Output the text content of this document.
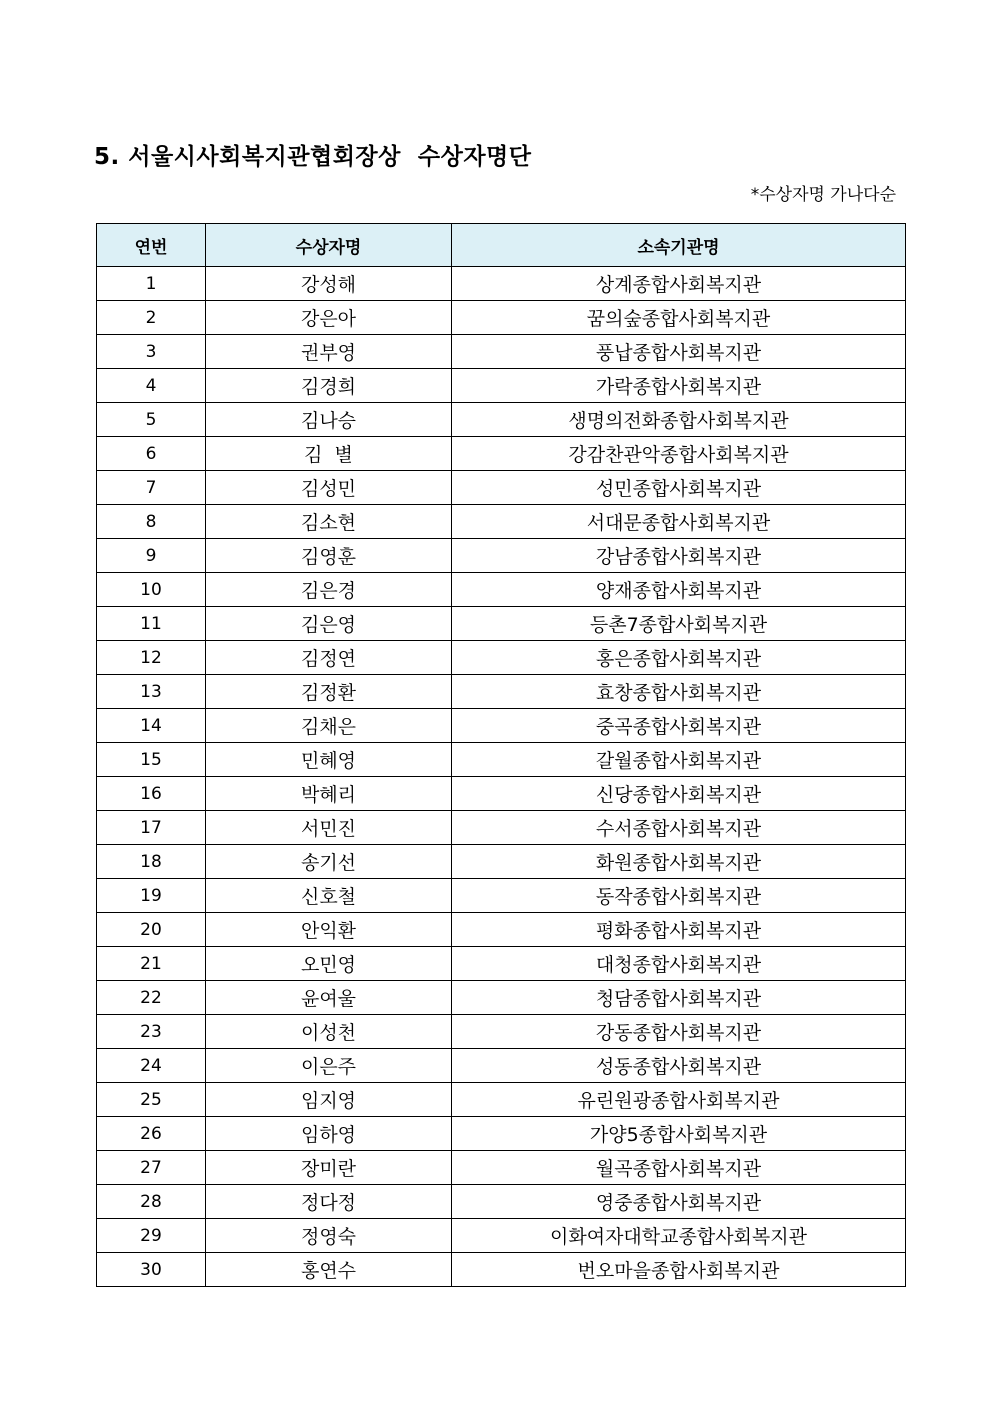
5. 서울시사회복지관협회장상  수상자명단
*수상자명 가나다순
연번	수상자명	소속기관명
1	강성해	상계종합사회복지관
2	강은아	꿈의숲종합사회복지관
3	권부영	풍납종합사회복지관
4	김경희	가락종합사회복지관
5	김나승	생명의전화종합사회복지관
6	김  별	강감찬관악종합사회복지관
7	김성민	성민종합사회복지관
8	김소현	서대문종합사회복지관
9	김영훈	강남종합사회복지관
10	김은경	양재종합사회복지관
11	김은영	등촌7종합사회복지관
12	김정연	홍은종합사회복지관
13	김정환	효창종합사회복지관
14	김채은	중곡종합사회복지관
15	민혜영	갈월종합사회복지관
16	박혜리	신당종합사회복지관
17	서민진	수서종합사회복지관
18	송기선	화원종합사회복지관
19	신호철	동작종합사회복지관
20	안익환	평화종합사회복지관
21	오민영	대청종합사회복지관
22	윤여울	청담종합사회복지관
23	이성천	강동종합사회복지관
24	이은주	성동종합사회복지관
25	임지영	유린원광종합사회복지관
26	임하영	가양5종합사회복지관
27	장미란	월곡종합사회복지관
28	정다정	영중종합사회복지관
29	정영숙	이화여자대학교종합사회복지관
30	홍연수	번오마을종합사회복지관
